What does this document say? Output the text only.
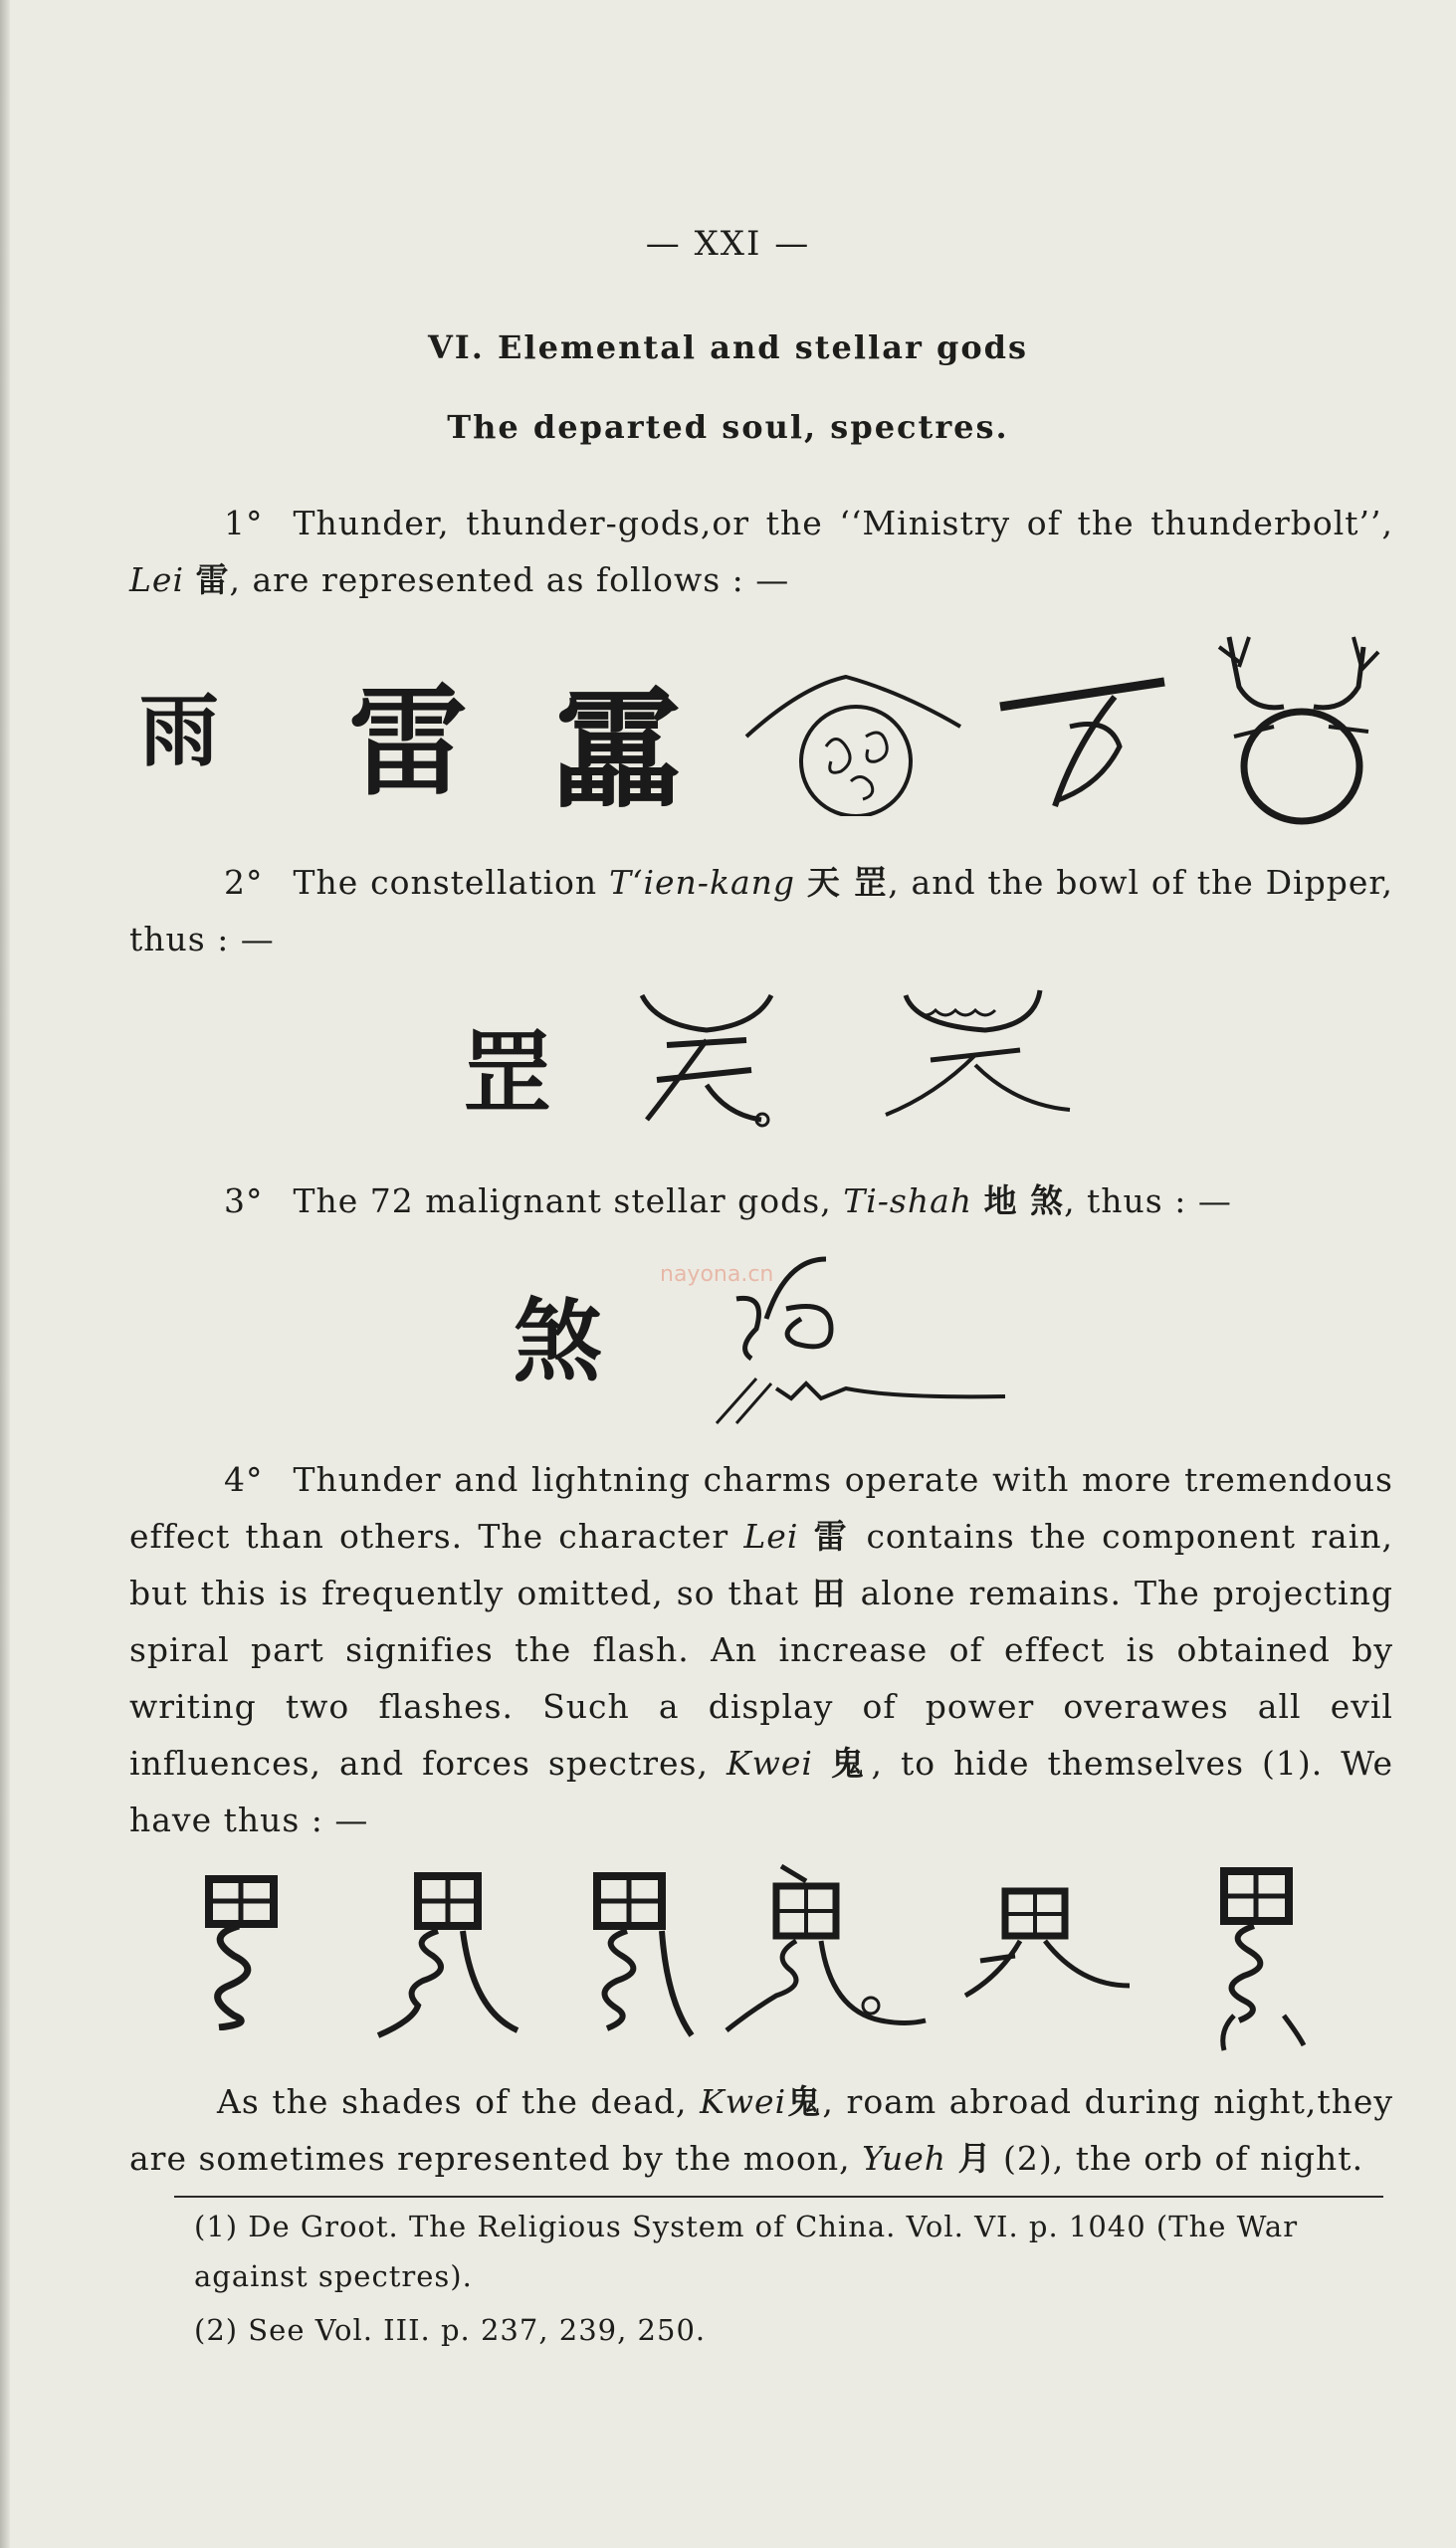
— XXI —
VI. Elemental and stellar gods
The departed soul, spectres.
1° Thunder, thunder-gods,or the ‘‘Ministry of the thunderbolt’’, Lei 雷, are represented as follows : —
雨 雷 靁
2° The constellation T‘ien-kang 天 罡, and the bowl of the Dipper, thus : —
罡
3° The 72 malignant stellar gods, Ti-shah 地 煞, thus : —
煞
nayona.cn
4° Thunder and lightning charms operate with more tremendous effect than others. The character Lei 雷 contains the component rain, but this is frequently omitted, so that 田 alone remains. The projecting spiral part signifies the flash. An increase of effect is obtained by writing two flashes. Such a display of power overawes all evil influences, and forces spectres, Kwei 鬼, to hide themselves (1). We have thus : —
As the shades of the dead, Kwei鬼, roam abroad during night,they are sometimes represented by the moon, Yueh 月 (2), the orb of night.
(1) De Groot. The Religious System of China. Vol. VI. p. 1040 (The War against spectres).
(2) See Vol. III. p. 237, 239, 250.
